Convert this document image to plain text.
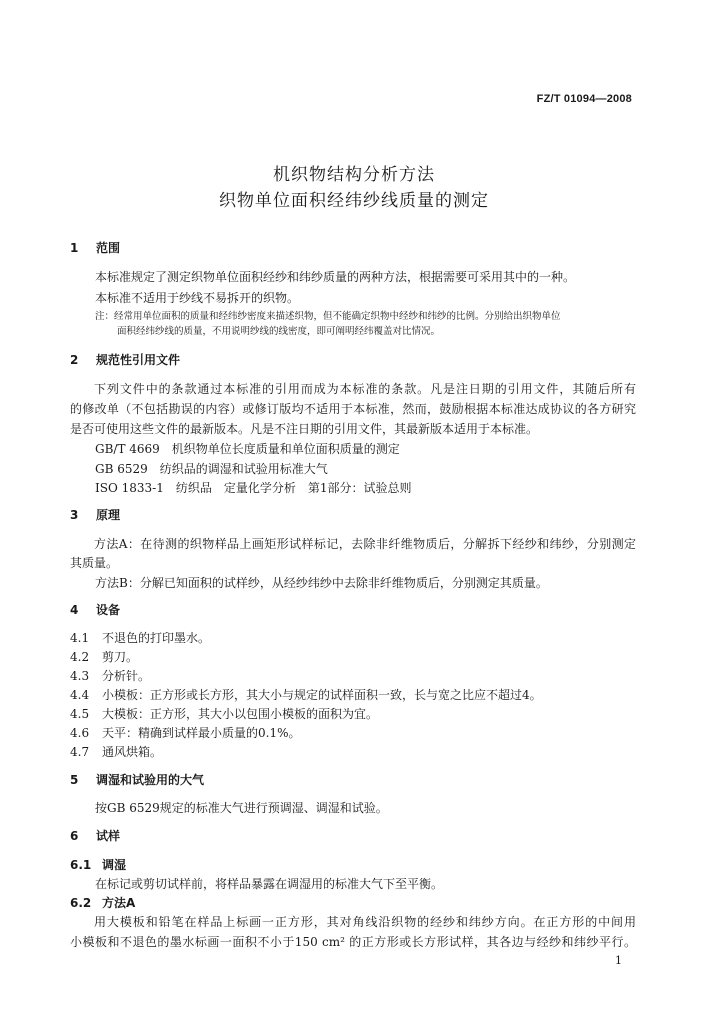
FZ/T 01094—2008
机织物结构分析方法
织物单位面积经纬纱线质量的测定
1 范围
本标准规定了测定织物单位面积经纱和纬纱质量的两种方法，根据需要可采用其中的一种。
本标准不适用于纱线不易拆开的织物。
注：经常用单位面积的质量和经纬纱密度来描述织物，但不能确定织物中经纱和纬纱的比例。分别给出织物单位
面积经纬纱线的质量，不用说明纱线的线密度，即可阐明经纬覆盖对比情况。
2 规范性引用文件
下列文件中的条款通过本标准的引用而成为本标准的条款。凡是注日期的引用文件，其随后所有
的修改单（不包括勘误的内容）或修订版均不适用于本标准，然而，鼓励根据本标准达成协议的各方研究
是否可使用这些文件的最新版本。凡是不注日期的引用文件，其最新版本适用于本标准。
GB/T 4669　机织物单位长度质量和单位面积质量的测定
GB 6529　纺织品的调湿和试验用标准大气
ISO 1833-1　纺织品　定量化学分析　第1部分：试验总则
3 原理
方法A：在待测的织物样品上画矩形试样标记，去除非纤维物质后，分解拆下经纱和纬纱，分别测定
其质量。
方法B：分解已知面积的试样纱，从经纱纬纱中去除非纤维物质后，分别测定其质量。
4 设备
4.1 不退色的打印墨水。
4.2 剪刀。
4.3 分析针。
4.4 小模板：正方形或长方形，其大小与规定的试样面积一致，长与宽之比应不超过4。
4.5 大模板：正方形，其大小以包围小模板的面积为宜。
4.6 天平：精确到试样最小质量的0.1%。
4.7 通风烘箱。
5 调湿和试验用的大气
按GB 6529规定的标准大气进行预调湿、调湿和试验。
6 试样
6.1 调湿
在标记或剪切试样前，将样品暴露在调湿用的标准大气下至平衡。
6.2 方法A
用大模板和铅笔在样品上标画一正方形，其对角线沿织物的经纱和纬纱方向。在正方形的中间用
小模板和不退色的墨水标画一面积不小于150 cm² 的正方形或长方形试样，其各边与经纱和纬纱平行。
1
